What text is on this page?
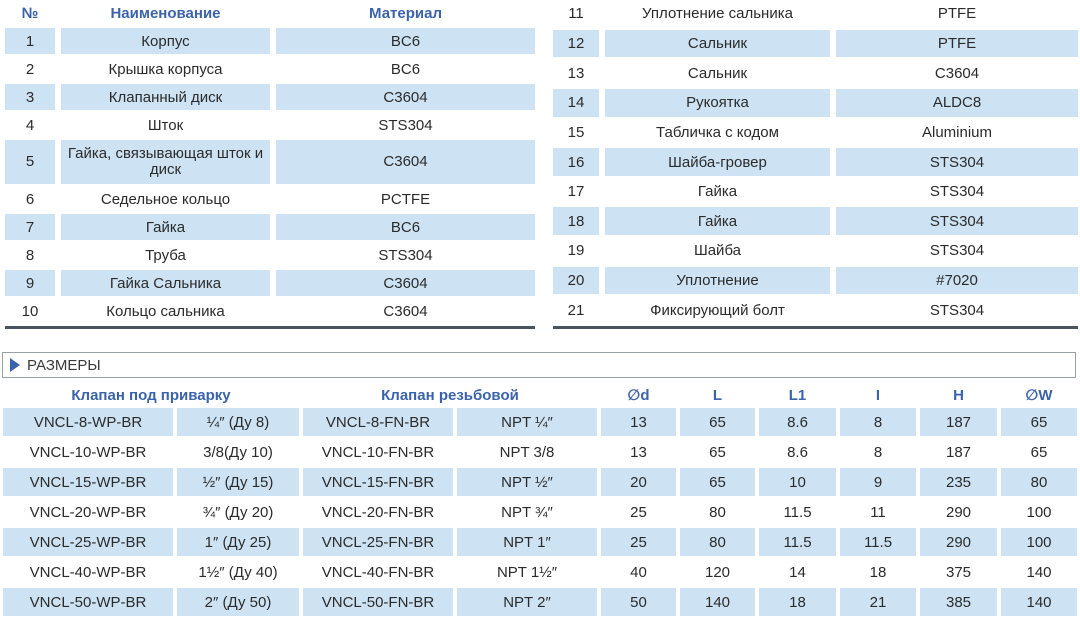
№	Наименование	Материал
1	Корпус	BC6
2	Крышка корпуса	BC6
3	Клапанный диск	C3604
4	Шток	STS304
5	Гайка, связывающая шток и диск	C3604
6	Седельное кольцо	PCTFE
7	Гайка	BC6
8	Труба	STS304
9	Гайка Сальника	C3604
10	Кольцо сальника	C3604
11	Уплотнение сальника	PTFE
12	Сальник	PTFE
13	Сальник	C3604
14	Рукоятка	ALDC8
15	Табличка с кодом	Aluminium
16	Шайба-гровер	STS304
17	Гайка	STS304
18	Гайка	STS304
19	Шайба	STS304
20	Уплотнение	#7020
21	Фиксирующий болт	STS304
РАЗМЕРЫ
Клапан под приварку	Клапан резьбовой	∅d	L	L1	I	H	∅W
VNCL-8-WP-BR	¼″ (Ду 8)	VNCL-8-FN-BR	NPT ¼″	13	65	8.6	8	187	65
VNCL-10-WP-BR	3/8(Ду 10)	VNCL-10-FN-BR	NPT 3/8	13	65	8.6	8	187	65
VNCL-15-WP-BR	½″ (Ду 15)	VNCL-15-FN-BR	NPT ½″	20	65	10	9	235	80
VNCL-20-WP-BR	¾″ (Ду 20)	VNCL-20-FN-BR	NPT ¾″	25	80	11.5	11	290	100
VNCL-25-WP-BR	1″ (Ду 25)	VNCL-25-FN-BR	NPT 1″	25	80	11.5	11.5	290	100
VNCL-40-WP-BR	1½″ (Ду 40)	VNCL-40-FN-BR	NPT 1½″	40	120	14	18	375	140
VNCL-50-WP-BR	2″ (Ду 50)	VNCL-50-FN-BR	NPT 2″	50	140	18	21	385	140
